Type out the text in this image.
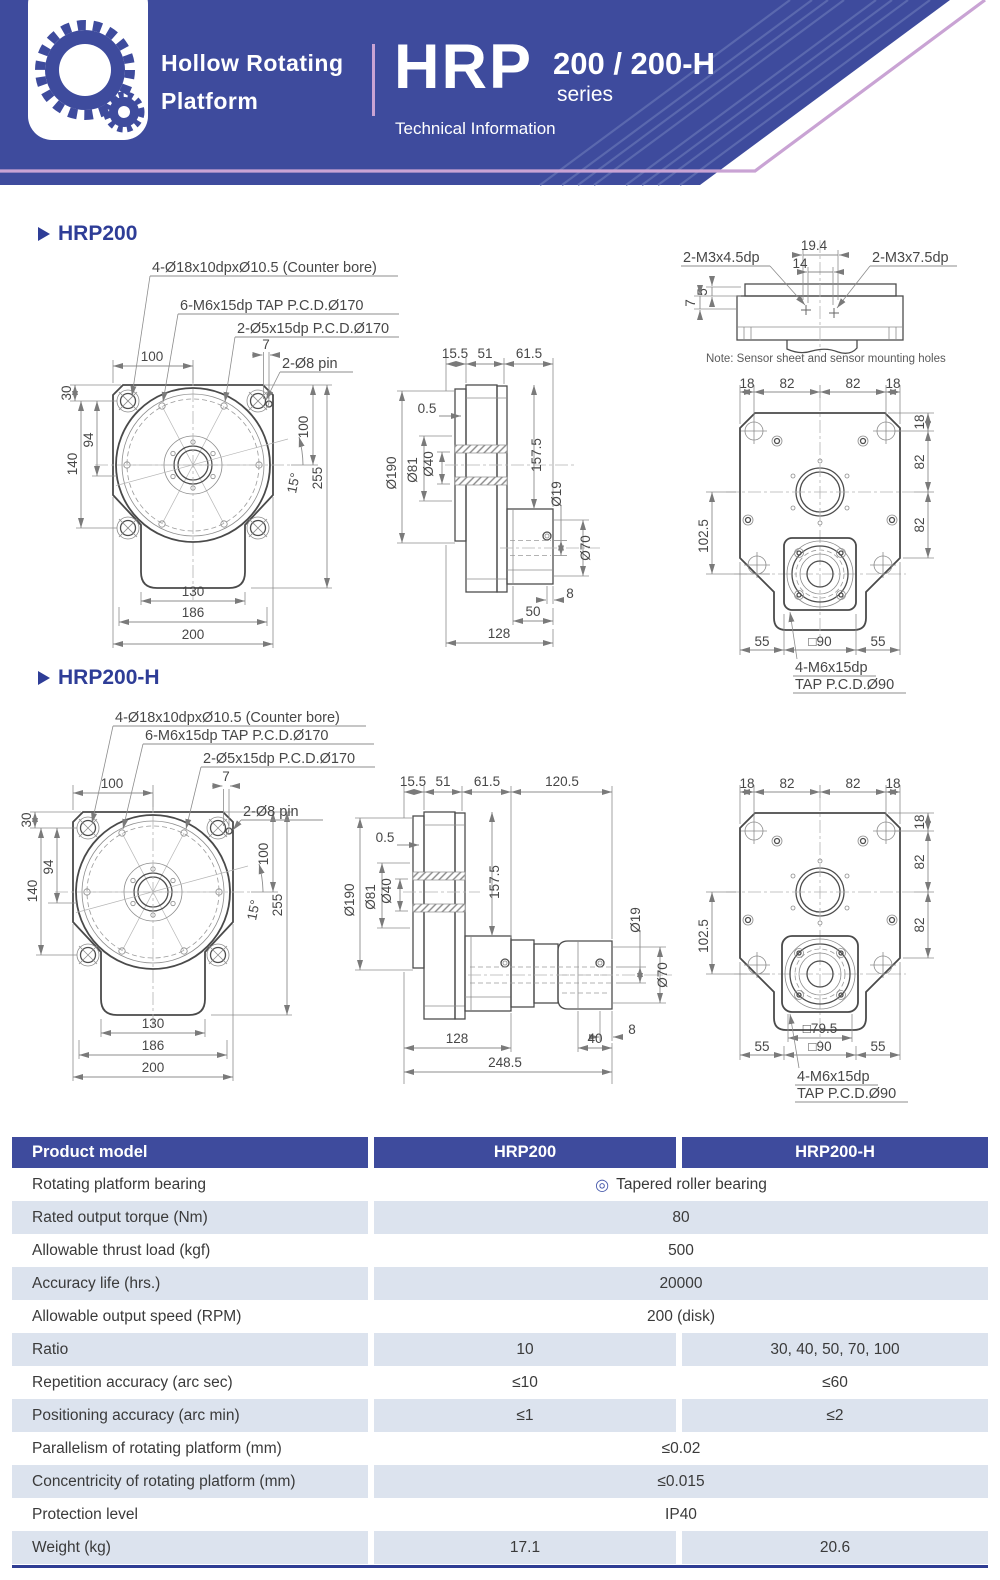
Hollow Rotating
Platform HRP 200 / 200-H
series
Technical Information
HRP200
HRP200-H
15°
100
7
30
94
140
100
255
130
186
200
4-Ø18x10dpxØ10.5 (Counter bore)
6-M6x15dp TAP P.C.D.Ø170
2-Ø5x15dp P.C.D.Ø170
2-Ø8 pin
15.5 51 61.5
0.5
Ø190 Ø81 Ø40	157.5
Ø19
Ø70
8
50
128
19.4
14
5
7
2-M3x4.5dp	2-M3x7.5dp
Note: Sensor sheet and sensor mounting holes
18 82	82 18
18
82
82
102.5
55	□90	55
4-M6x15dp
TAP P.C.D.Ø90
15°
100	7
30
94
140
100
255
130
186
200
4-Ø18x10dpxØ10.5 (Counter bore)
6-M6x15dp TAP P.C.D.Ø170
2-Ø5x15dp P.C.D.Ø170
2-Ø8 pin
15.5 51 61.5	120.5
0.5
Ø190 Ø81 Ø40	157.5
Ø19
Ø70
8
128	40
248.5
18 82	82 18
18
82
82
102.5
□79.5
55	□90	55
4-M6x15dp
TAP P.C.D.Ø90
Product model	HRP200	HRP200-H
Rotating platform bearing	◎ Tapered roller bearing
Rated output torque (Nm)	80
Allowable thrust load (kgf)	500
Accuracy life (hrs.)	20000
Allowable output speed (RPM)	200 (disk)
Ratio	10	30, 40, 50, 70, 100
Repetition accuracy (arc sec)	≤10	≤60
Positioning accuracy (arc min)	≤1	≤2
Parallelism of rotating platform (mm)	≤0.02
Concentricity of rotating platform (mm)	≤0.015
Protection level	IP40
Weight (kg)	17.1	20.6
